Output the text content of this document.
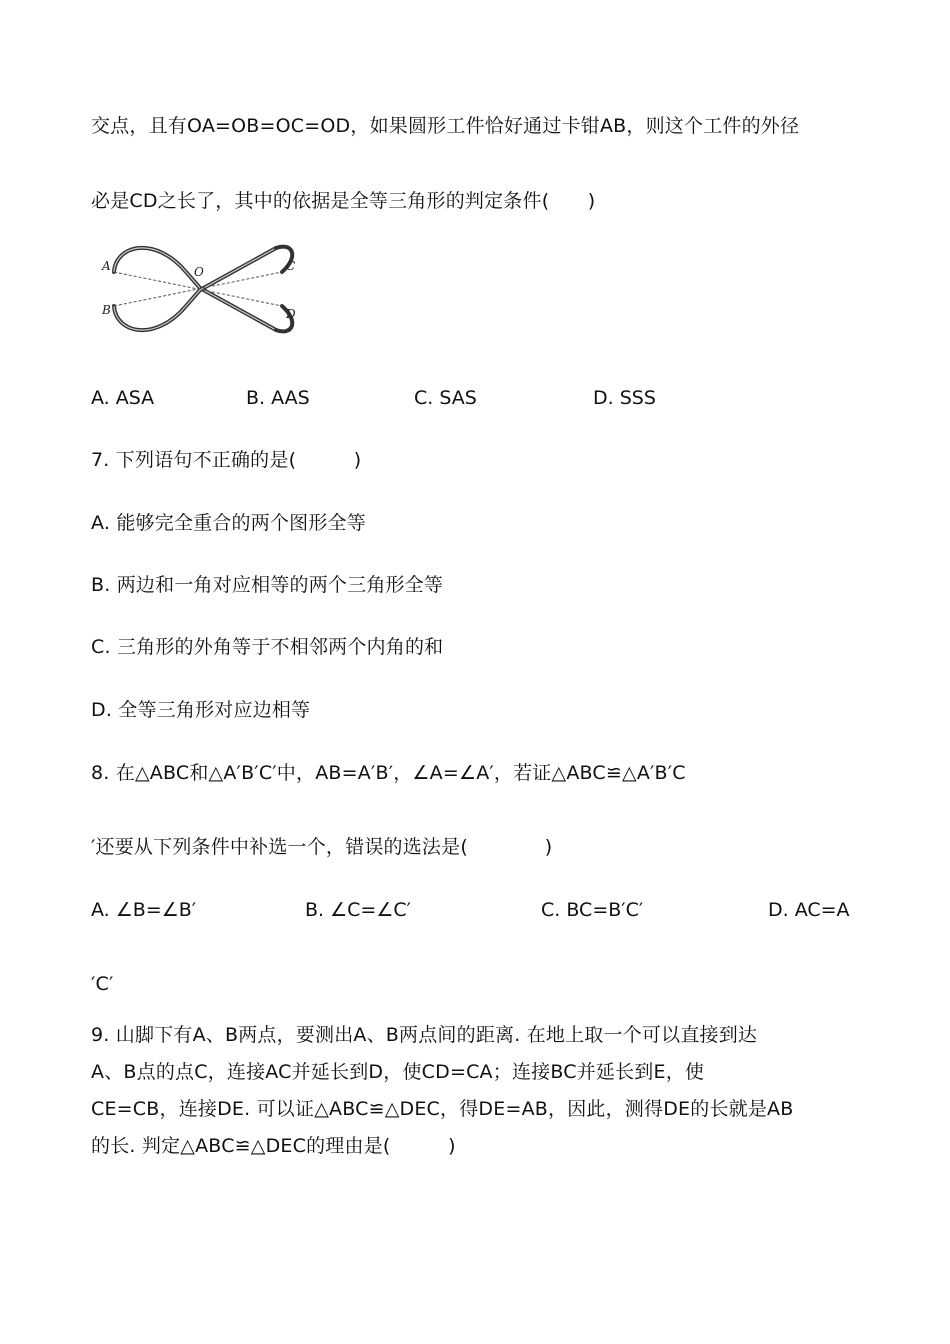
交点，且有OA=OB=OC=OD，如果圆形工件恰好通过卡钳AB，则这个工件的外径
必是CD之长了，其中的依据是全等三角形的判定条件(　　)
A
B
C
D
O
A. ASA	B. AAS	C. SAS	D. SSS
7. 下列语句不正确的是(　　　)
A. 能够完全重合的两个图形全等
B. 两边和一角对应相等的两个三角形全等
C. 三角形的外角等于不相邻两个内角的和
D. 全等三角形对应边相等
8. 在△ABC和△A′B′C′中，AB=A′B′，∠A=∠A′，若证△ABC≌△A′B′C
′还要从下列条件中补选一个，错误的选法是(　　　　)
A. ∠B=∠B′	B. ∠C=∠C′	C. BC=B′C′	D. AC=A
′C′
9. 山脚下有A、B两点，要测出A、B两点间的距离. 在地上取一个可以直接到达
A、B点的点C，连接AC并延长到D，使CD=CA；连接BC并延长到E，使
CE=CB，连接DE. 可以证△ABC≌△DEC，得DE=AB，因此，测得DE的长就是AB
的长. 判定△ABC≌△DEC的理由是(　　　)
